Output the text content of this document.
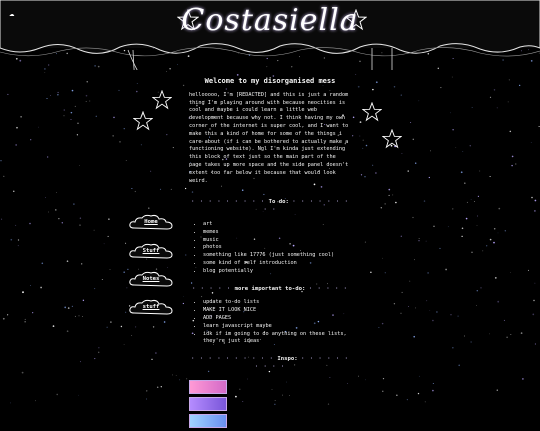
☁	Costasiella
Home
Stuff
Notes
stuff
Welcome to my disorganised mess

hellooooo, I'm [REDACTED] and this is just a random thing I'm playing around with because neocities is cool and maybe i could learn a little web development because why not. I think having my own corner of the internet is super cool, and I want to make this a kind of home for some of the things i care about (if i can be bothered to actually make a functioning website). Ngl I'm kinda just extending this block of text just so the main part of the page takes up more space and the side panel doesn't extent too far below it because that would look weird.

· · · · · · · · · To do: · · · · · · · · ·
• art
• memes
• music
• photos
• something like 17776 (just something cool)
• some kind of self introduction
• blog potentially
· · · · · more important to-do: · · · · ·
• update to-do lists
• MAKE IT LOOK NICE
• ADD PAGES
• learn javascript maybe
• idk if im going to do anything on these lists, they're just ideas
· · · · · · · · · · Inspo: · · · · · · · · · ·
